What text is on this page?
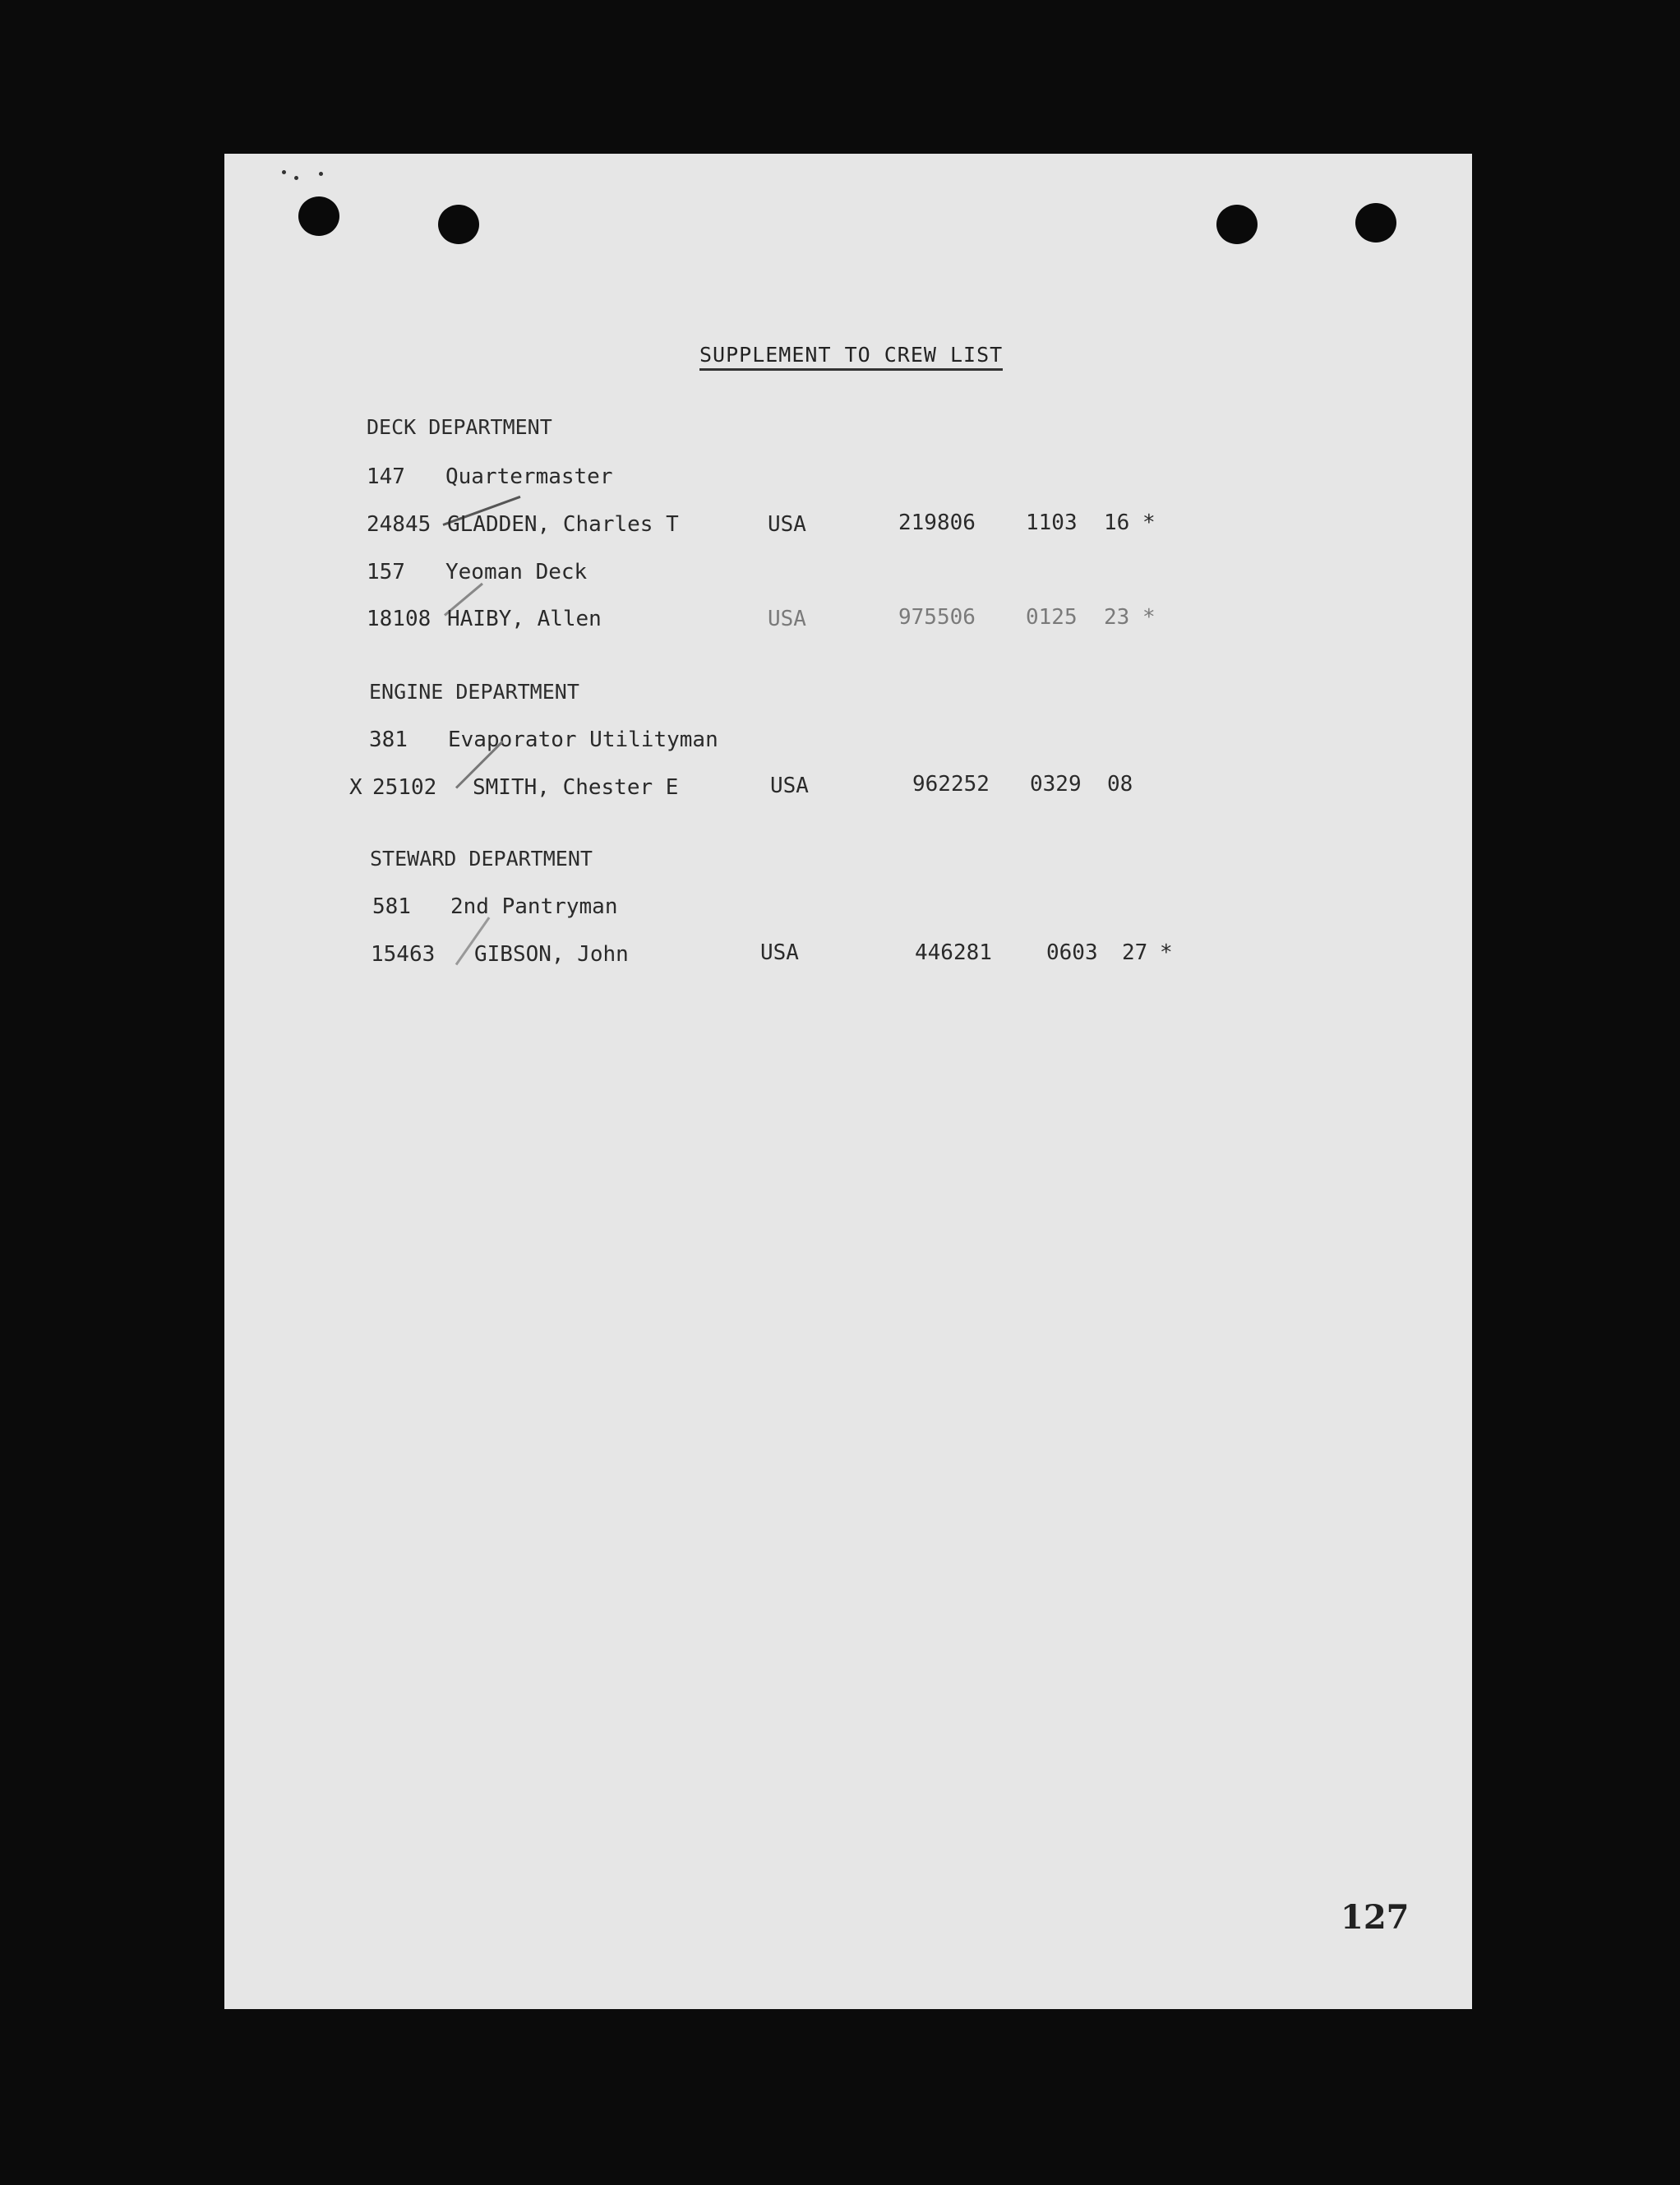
SUPPLEMENT TO CREW LIST
DECK DEPARTMENT
147 Quartermaster
24845 GLADDEN, Charles T	USA	219806 1103 16 *
157 Yeoman Deck
18108 HAIBY, Allen	USA	975506 0125 23 *
ENGINE DEPARTMENT
381 Evaporator Utilityman
X 25102 SMITH, Chester E	USA	962252 0329 08
STEWARD DEPARTMENT
581 2nd Pantryman
15463 GIBSON, John	USA	446281	0603 27 *
127
